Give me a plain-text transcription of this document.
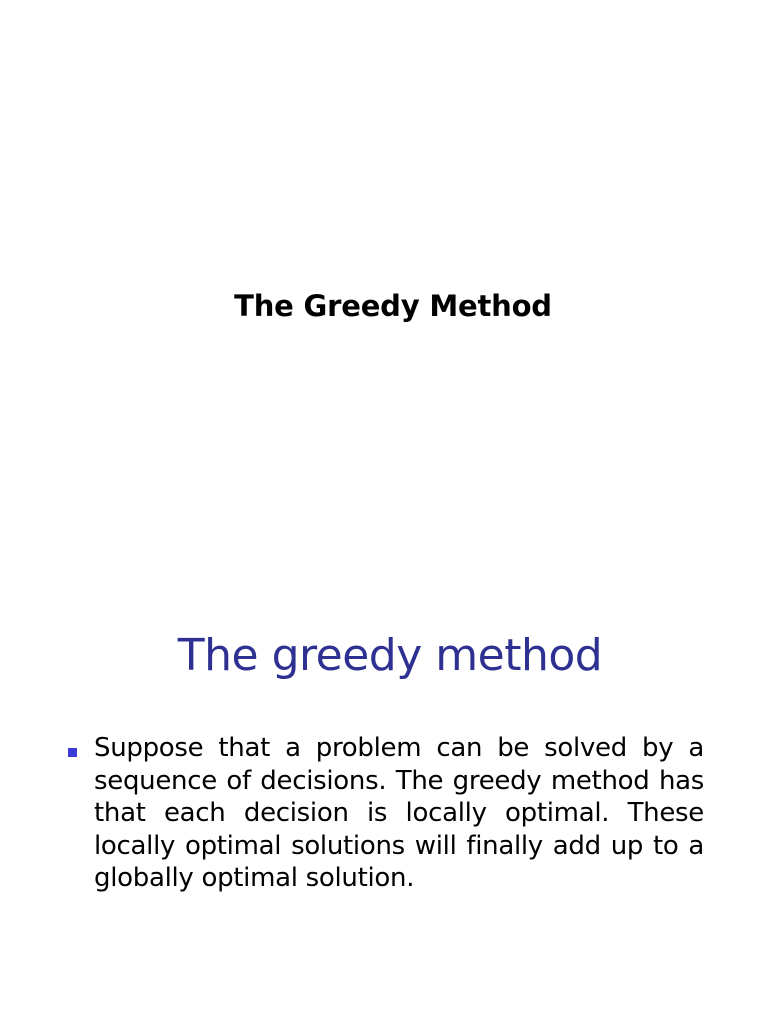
The Greedy Method
The greedy method

Suppose that a problem can be solved by a sequence of decisions. The greedy method has that each decision is locally optimal. These locally optimal solutions will finally add up to a globally optimal solution.
